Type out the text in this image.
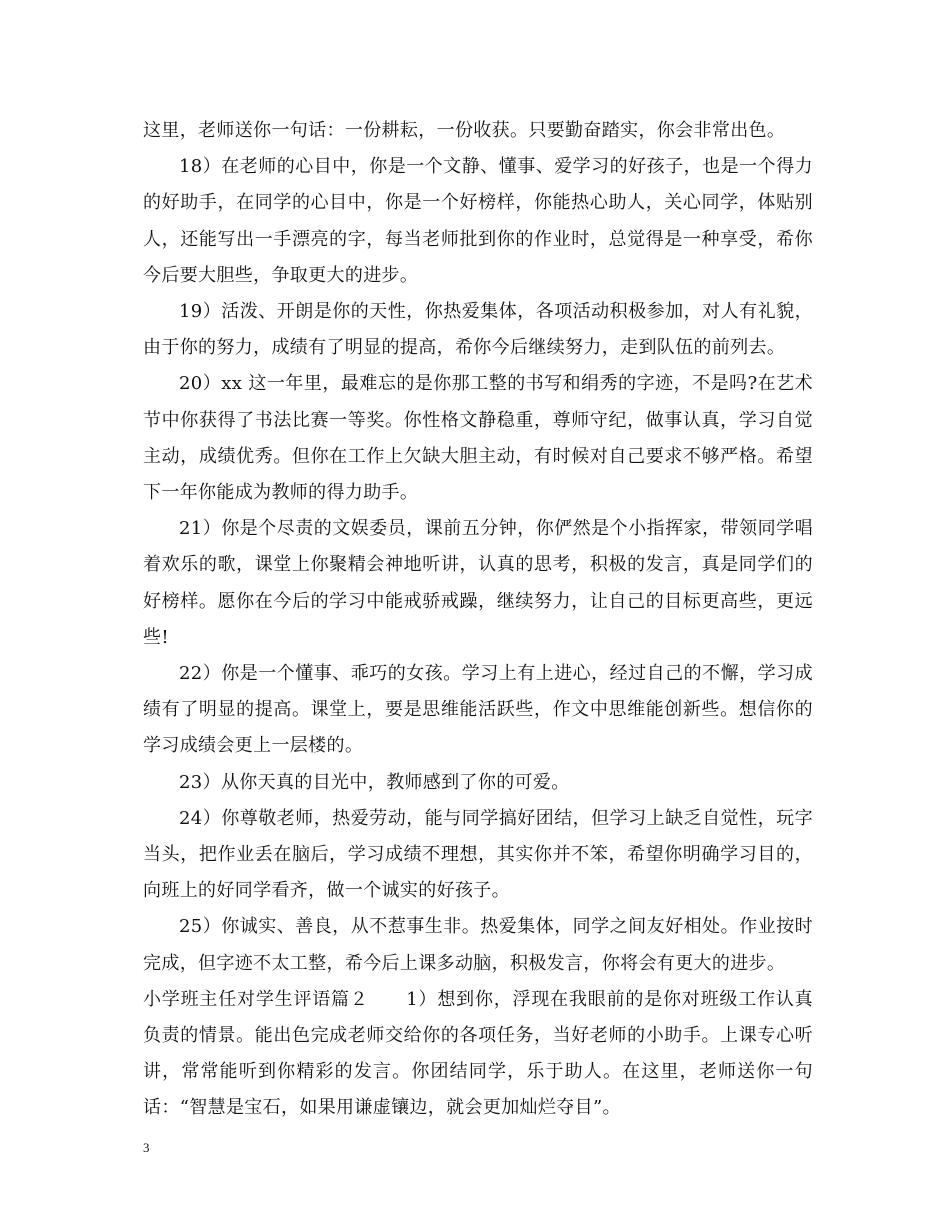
这里，老师送你一句话：一份耕耘，一份收获。只要勤奋踏实，你会非常出色。

18）在老师的心目中，你是一个文静、懂事、爱学习的好孩子，也是一个得力的好助手，在同学的心目中，你是一个好榜样，你能热心助人，关心同学，体贴别人，还能写出一手漂亮的字，每当老师批到你的作业时，总觉得是一种享受，希你今后要大胆些，争取更大的进步。

19）活泼、开朗是你的天性，你热爱集体，各项活动积极参加，对人有礼貌，由于你的努力，成绩有了明显的提高，希你今后继续努力，走到队伍的前列去。

20）xx 这一年里，最难忘的是你那工整的书写和绢秀的字迹，不是吗?在艺术节中你获得了书法比赛一等奖。你性格文静稳重，尊师守纪，做事认真，学习自觉主动，成绩优秀。但你在工作上欠缺大胆主动，有时候对自己要求不够严格。希望下一年你能成为教师的得力助手。

21）你是个尽责的文娱委员，课前五分钟，你俨然是个小指挥家，带领同学唱着欢乐的歌，课堂上你聚精会神地听讲，认真的思考，积极的发言，真是同学们的好榜样。愿你在今后的学习中能戒骄戒躁，继续努力，让自己的目标更高些，更远些!

22）你是一个懂事、乖巧的女孩。学习上有上进心，经过自己的不懈，学习成绩有了明显的提高。课堂上，要是思维能活跃些，作文中思维能创新些。想信你的学习成绩会更上一层楼的。

23）从你天真的目光中，教师感到了你的可爱。

24）你尊敬老师，热爱劳动，能与同学搞好团结，但学习上缺乏自觉性，玩字当头，把作业丢在脑后，学习成绩不理想，其实你并不笨，希望你明确学习目的，向班上的好同学看齐，做一个诚实的好孩子。

25）你诚实、善良，从不惹事生非。热爱集体，同学之间友好相处。作业按时完成，但字迹不太工整，希今后上课多动脑，积极发言，你将会有更大的进步。

小学班主任对学生评语篇２　　1）想到你，浮现在我眼前的是你对班级工作认真负责的情景。能出色完成老师交给你的各项任务，当好老师的小助手。上课专心听讲，常常能听到你精彩的发言。你团结同学，乐于助人。在这里，老师送你一句话：“智慧是宝石，如果用谦虚镶边，就会更加灿烂夺目”。

3
